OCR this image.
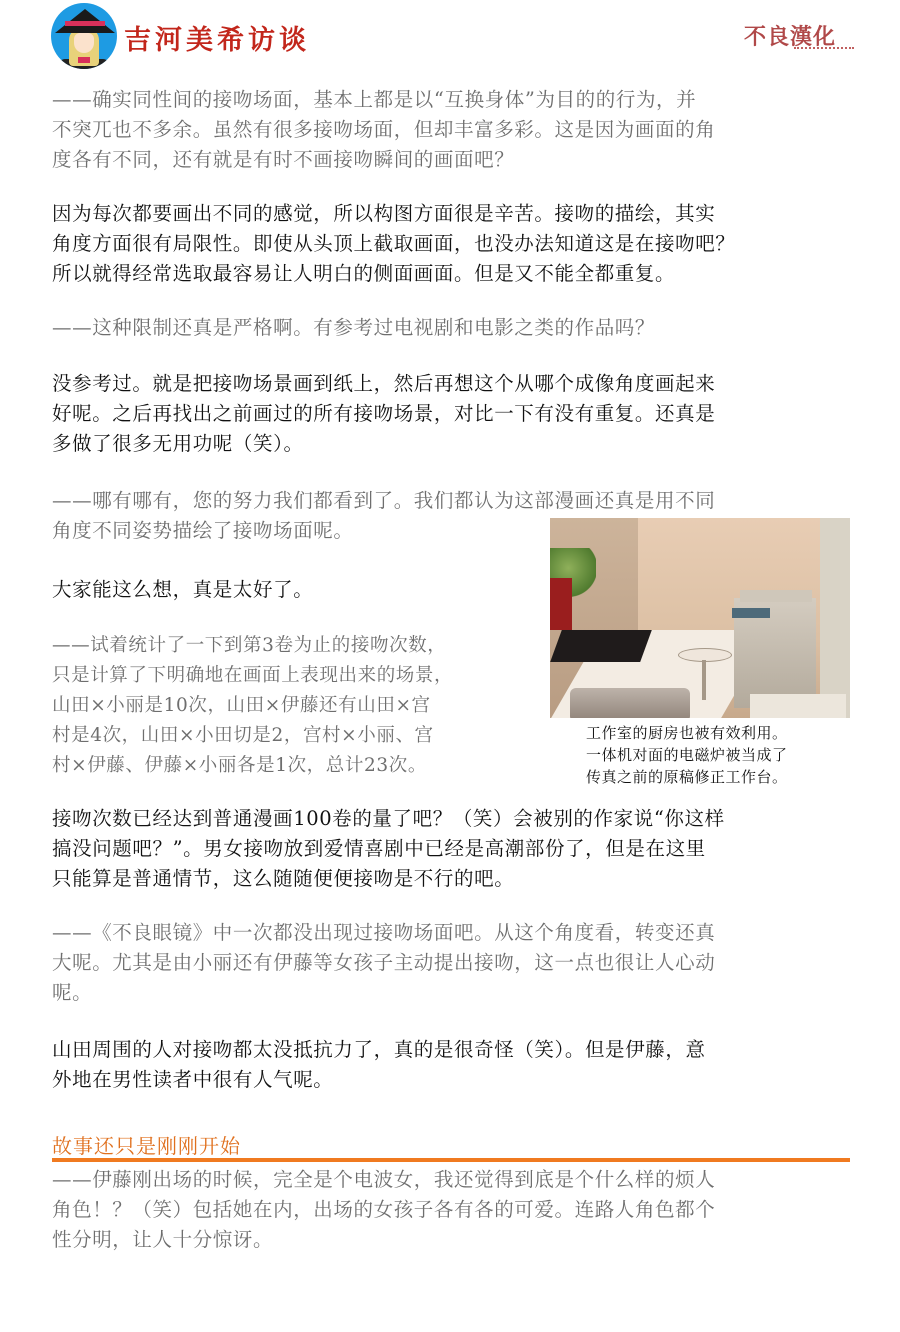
吉河美希访谈	不良漢化
——确实同性间的接吻场面，基本上都是以“互换身体”为目的的行为，并
不突兀也不多余。虽然有很多接吻场面，但却丰富多彩。这是因为画面的角
度各有不同，还有就是有时不画接吻瞬间的画面吧？
因为每次都要画出不同的感觉，所以构图方面很是辛苦。接吻的描绘，其实
角度方面很有局限性。即使从头顶上截取画面，也没办法知道这是在接吻吧？
所以就得经常选取最容易让人明白的侧面画面。但是又不能全都重复。
——这种限制还真是严格啊。有参考过电视剧和电影之类的作品吗？
没参考过。就是把接吻场景画到纸上，然后再想这个从哪个成像角度画起来
好呢。之后再找出之前画过的所有接吻场景，对比一下有没有重复。还真是
多做了很多无用功呢（笑）。
——哪有哪有，您的努力我们都看到了。我们都认为这部漫画还真是用不同
角度不同姿势描绘了接吻场面呢。
大家能这么想，真是太好了。
——试着统计了一下到第3卷为止的接吻次数，
只是计算了下明确地在画面上表现出来的场景，
山田×小丽是10次，山田×伊藤还有山田×宫
村是4次，山田×小田切是2，宫村×小丽、宫
村×伊藤、伊藤×小丽各是1次，总计23次。
工作室的厨房也被有效利用。
一体机对面的电磁炉被当成了
传真之前的原稿修正工作台。
接吻次数已经达到普通漫画100卷的量了吧？（笑）会被别的作家说“你这样
搞没问题吧？”。男女接吻放到爱情喜剧中已经是高潮部份了，但是在这里
只能算是普通情节，这么随随便便接吻是不行的吧。
——《不良眼镜》中一次都没出现过接吻场面吧。从这个角度看，转变还真
大呢。尤其是由小丽还有伊藤等女孩子主动提出接吻，这一点也很让人心动
呢。
山田周围的人对接吻都太没抵抗力了，真的是很奇怪（笑）。但是伊藤，意
外地在男性读者中很有人气呢。
故事还只是刚刚开始
——伊藤刚出场的时候，完全是个电波女，我还觉得到底是个什么样的烦人
角色！？（笑）包括她在内，出场的女孩子各有各的可爱。连路人角色都个
性分明，让人十分惊讶。
